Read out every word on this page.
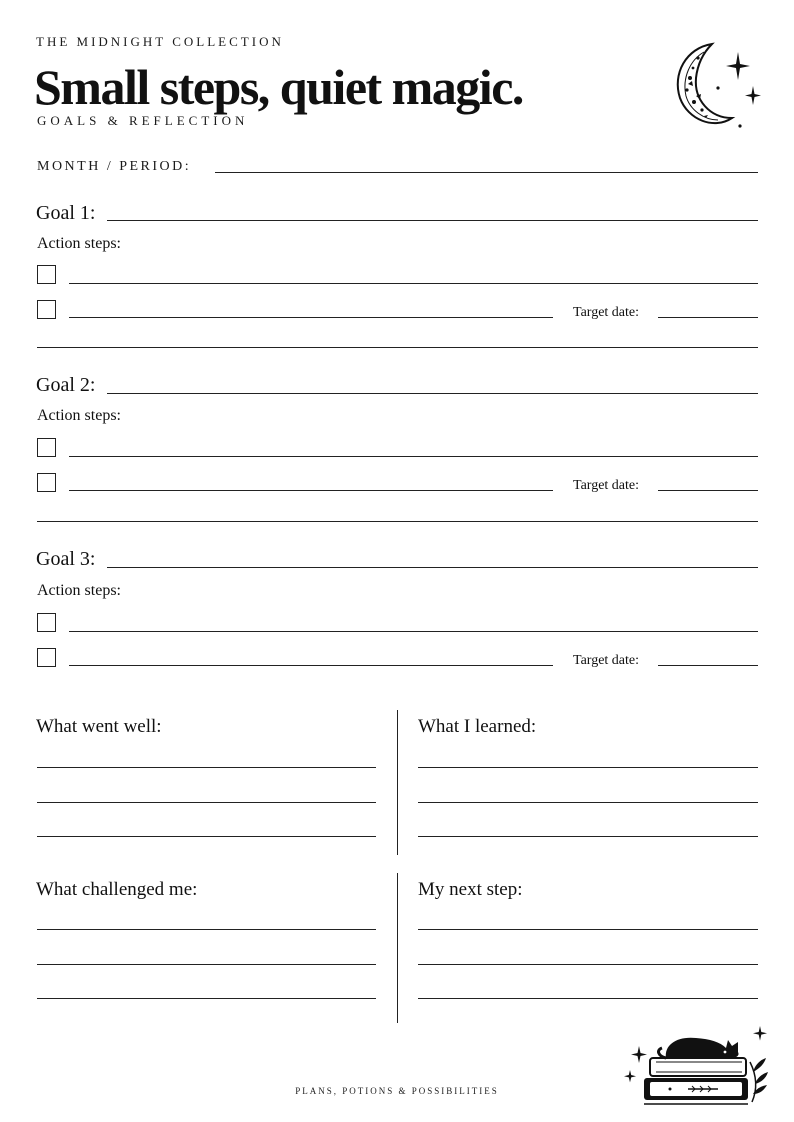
THE MIDNIGHT COLLECTION
Small steps, quiet magic.
GOALS & REFLECTION
MONTH / PERIOD:
Goal 1:
Action steps:
Target date:
Goal 2:
Action steps:
Target date:
Goal 3:
Action steps:
Target date:
What went well:	What I learned:
What challenged me:	My next step:
PLANS, POTIONS & POSSIBILITIES
